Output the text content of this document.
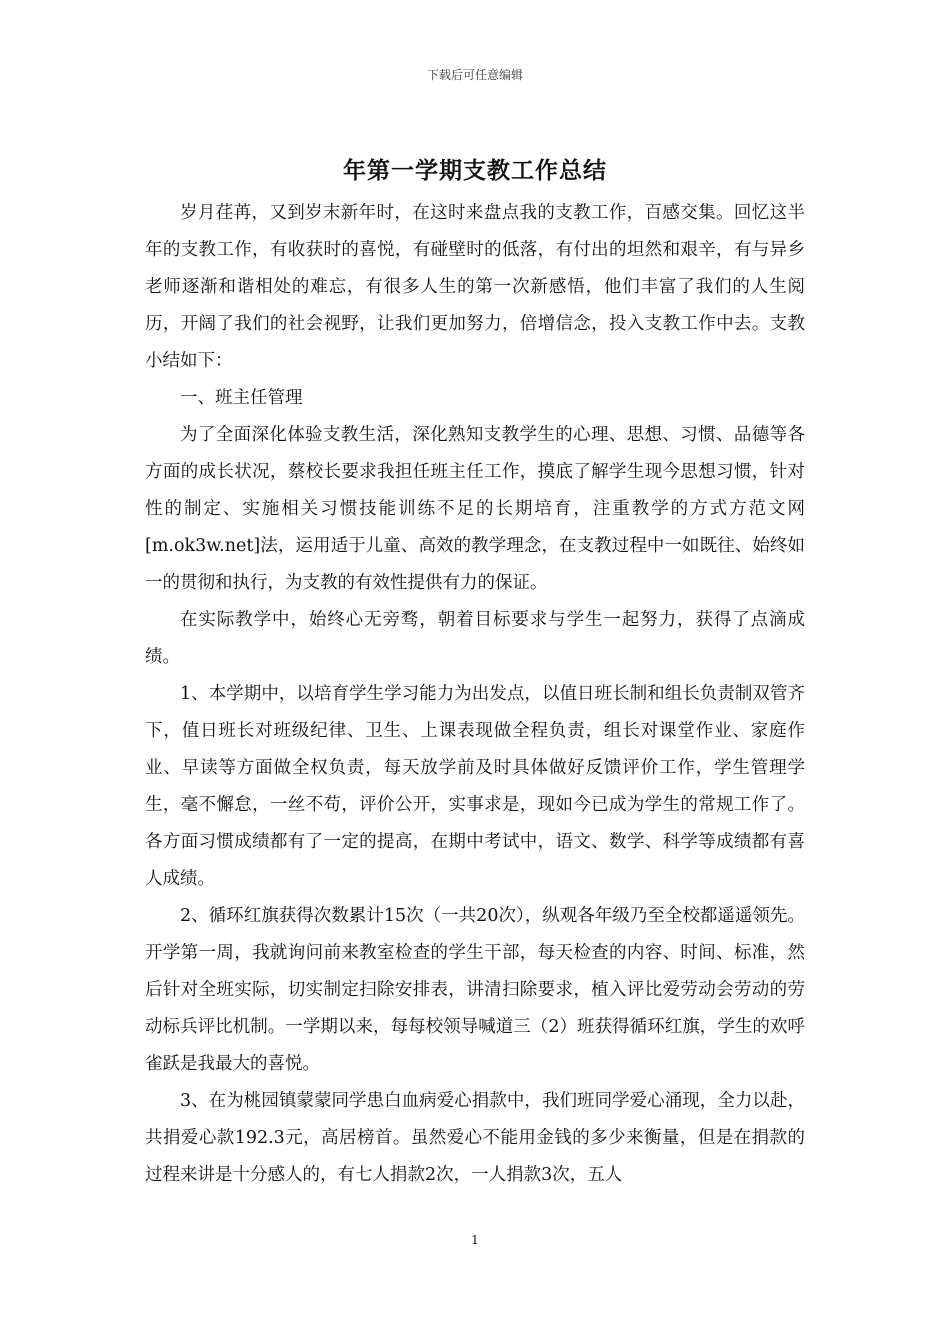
下载后可任意编辑
年第一学期支教工作总结

岁月荏苒，又到岁末新年时，在这时来盘点我的支教工作，百感交集。回忆这半年的支教工作，有收获时的喜悦，有碰壁时的低落，有付出的坦然和艰辛，有与异乡老师逐渐和谐相处的难忘，有很多人生的第一次新感悟，他们丰富了我们的人生阅历，开阔了我们的社会视野，让我们更加努力，倍增信念，投入支教工作中去。支教小结如下：

一、班主任管理

为了全面深化体验支教生活，深化熟知支教学生的心理、思想、习惯、品德等各方面的成长状况，蔡校长要求我担任班主任工作，摸底了解学生现今思想习惯，针对性的制定、实施相关习惯技能训练不足的长期培育，注重教学的方式方范文网[m.ok3w.net]法，运用适于儿童、高效的教学理念，在支教过程中一如既往、始终如一的贯彻和执行，为支教的有效性提供有力的保证。

在实际教学中，始终心无旁骛，朝着目标要求与学生一起努力，获得了点滴成绩。

1、本学期中，以培育学生学习能力为出发点，以值日班长制和组长负责制双管齐下，值日班长对班级纪律、卫生、上课表现做全程负责，组长对课堂作业、家庭作业、早读等方面做全权负责，每天放学前及时具体做好反馈评价工作，学生管理学生，毫不懈怠，一丝不苟，评价公开，实事求是，现如今已成为学生的常规工作了。各方面习惯成绩都有了一定的提高，在期中考试中，语文、数学、科学等成绩都有喜人成绩。

2、循环红旗获得次数累计15次（一共20次），纵观各年级乃至全校都遥遥领先。开学第一周，我就询问前来教室检查的学生干部，每天检查的内容、时间、标准，然后针对全班实际，切实制定扫除安排表，讲清扫除要求，植入评比爱劳动会劳动的劳动标兵评比机制。一学期以来，每每校领导喊道三（2）班获得循环红旗，学生的欢呼雀跃是我最大的喜悦。

3、在为桃园镇蒙蒙同学患白血病爱心捐款中，我们班同学爱心涌现，全力以赴，共捐爱心款192.3元，高居榜首。虽然爱心不能用金钱的多少来衡量，但是在捐款的过程来讲是十分感人的，有七人捐款2次，一人捐款3次，五人

1
